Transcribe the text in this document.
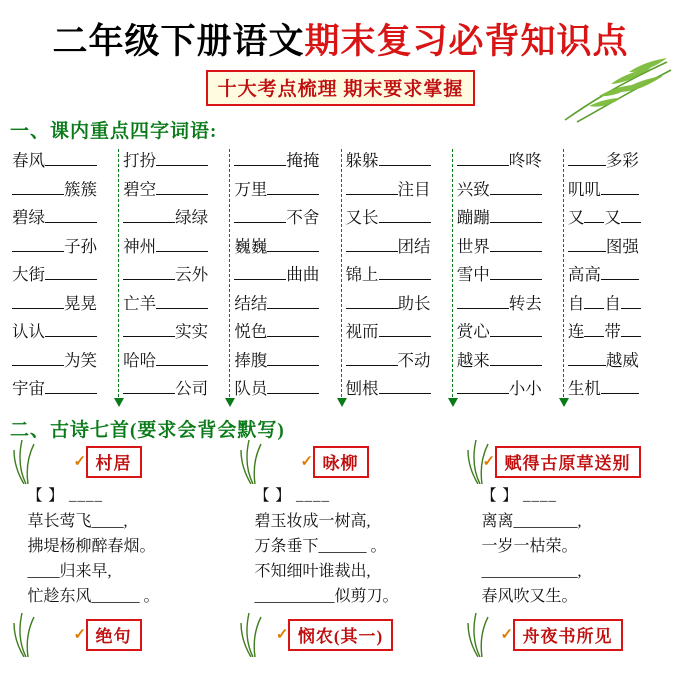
二年级下册语文期末复习必背知识点
十大考点梳理 期末要求掌握
一、课内重点四字词语:
春风
簇簇
碧绿
子孙
大街
晃晃
认认
为笑
宇宙
打扮
碧空
绿绿
神州
云外
亡羊
实实
哈哈
公司
掩掩
万里
不舍
巍巍
曲曲
结结
悦色
捧腹
队员
躲躲
注目
又长
团结
锦上
助长
视而
不动
刨根
咚咚
兴致
蹦蹦
世界
雪中
转去
赏心
越来
小小
多彩
叽叽
又 又
图强
高高
自 自
连 带
越威
生机
二、古诗七首(要求会背会默写)
✓ 村居
【 】 ____
草长莺飞____,
拂堤杨柳醉春烟。
____归来早,
忙趁东风______ 。
✓ 咏柳
【 】 ____
碧玉妆成一树高,
万条垂下______ 。
不知细叶谁裁出,
__________似剪刀。
✓ 赋得古原草送别
【 】 ____
离离________,
一岁一枯荣。
____________,
春风吹又生。
✓ 绝句	✓ 悯农(其一)	✓ 舟夜书所见
